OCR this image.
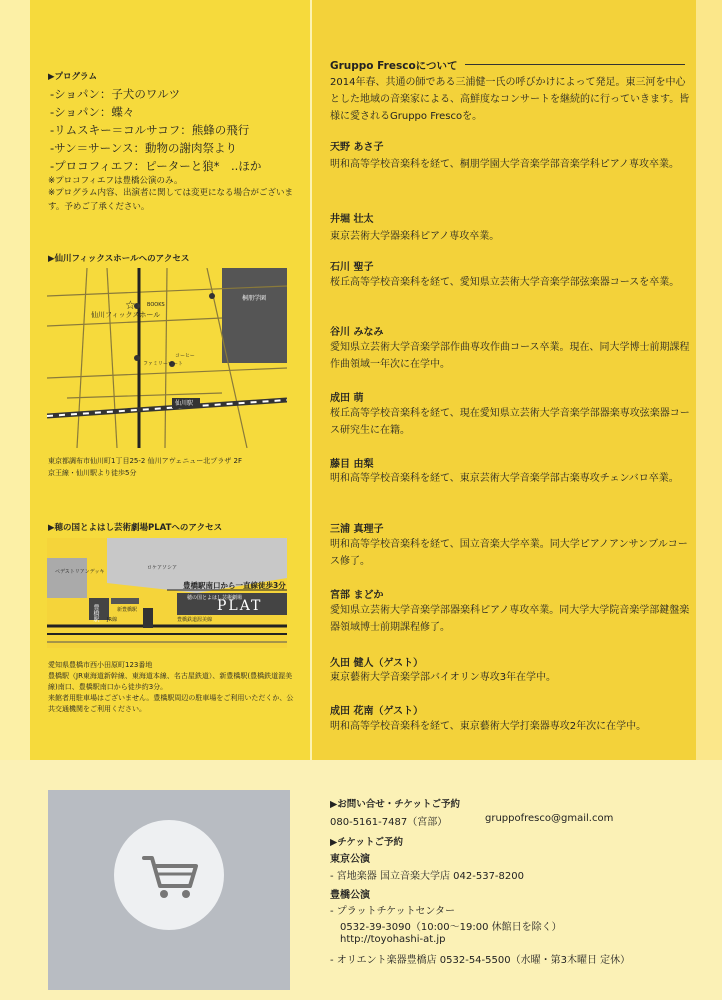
▶プログラム
-ショパン：子犬のワルツ
-ショパン：蝶々
-リムスキー＝コルサコフ：熊蜂の飛行
-サン＝サーンス：動物の謝肉祭より
-プロコフィエフ：ピーターと狼*　..ほか
※プロコフィエフは豊橋公演のみ。
※プログラム内容、出演者に関しては変更になる場合がございます。予めご了承ください。
▶仙川フィックスホールへのアクセス
☆
仙川フィックスホール
仙川駅
桐朋学園
BOOKS
ファミリーマート
コーヒー
東京都調布市仙川町1丁目25-2 仙川アヴェニュー北プラザ 2F
京王線・仙川駅より徒歩5分
▶穂の国とよはし芸術劇場PLATへのアクセス
豊橋駅南口から一直線徒歩3分
穂の国とよはし芸術劇場
PLAT
豊橋駅
ペデストリアンデッキ
ロケアソシア
JR線
新豊橋駅
豊橋鉄道渥美線
愛知県豊橋市西小田原町123番地
豊橋駅（JR東海道新幹線、東海道本線、名古屋鉄道）、新豊橋駅(豊橋鉄道渥美線)南口、豊橋駅南口から徒歩約3分。
来館者用駐車場はございません。豊橋駅周辺の駐車場をご利用いただくか、公共交通機関をご利用ください。
Gruppo Frescoについて
2014年春、共通の師である三浦健一氏の呼びかけによって発足。東三河を中心とした地域の音楽家による、高鮮度なコンサートを継続的に行っていきます。皆様に愛されるGruppo Frescoを。
天野 あさ子
明和高等学校音楽科を経て、桐朋学園大学音楽学部音楽学科ピアノ専攻卒業。
井堀 壮太
東京芸術大学器楽科ピアノ専攻卒業。
石川 聖子
桜丘高等学校音楽科を経て、愛知県立芸術大学音楽学部弦楽器コースを卒業。
谷川 みなみ
愛知県立芸術大学音楽学部作曲専攻作曲コース卒業。現在、同大学博士前期課程作曲領域一年次に在学中。
成田 萌
桜丘高等学校音楽科を経て、現在愛知県立芸術大学音楽学部器楽専攻弦楽器コース研究生に在籍。
藤目 由梨
明和高等学校音楽科を経て、東京芸術大学音楽学部古楽専攻チェンバロ卒業。
三浦 真理子
明和高等学校音楽科を経て、国立音楽大学卒業。同大学ピアノアンサンブルコース修了。
宮部 まどか
愛知県立芸術大学音楽学部器楽科ピアノ専攻卒業。同大学大学院音楽学部鍵盤楽器領域博士前期課程修了。
久田 健人（ゲスト）
東京藝術大学音楽学部バイオリン専攻3年在学中。
成田 花南（ゲスト）
明和高等学校音楽科を経て、東京藝術大学打楽器専攻2年次に在学中。
▶お問い合せ・チケットご予約
080-5161-7487（宮部）	gruppofresco@gmail.com
▶チケットご予約
東京公演
- 宮地楽器 国立音楽大学店 042-537-8200
豊橋公演
- プラットチケットセンター
0532-39-3090（10:00～19:00 休館日を除く）
http://toyohashi-at.jp
- オリエント楽器豊橋店 0532-54-5500（水曜・第3木曜日 定休）
